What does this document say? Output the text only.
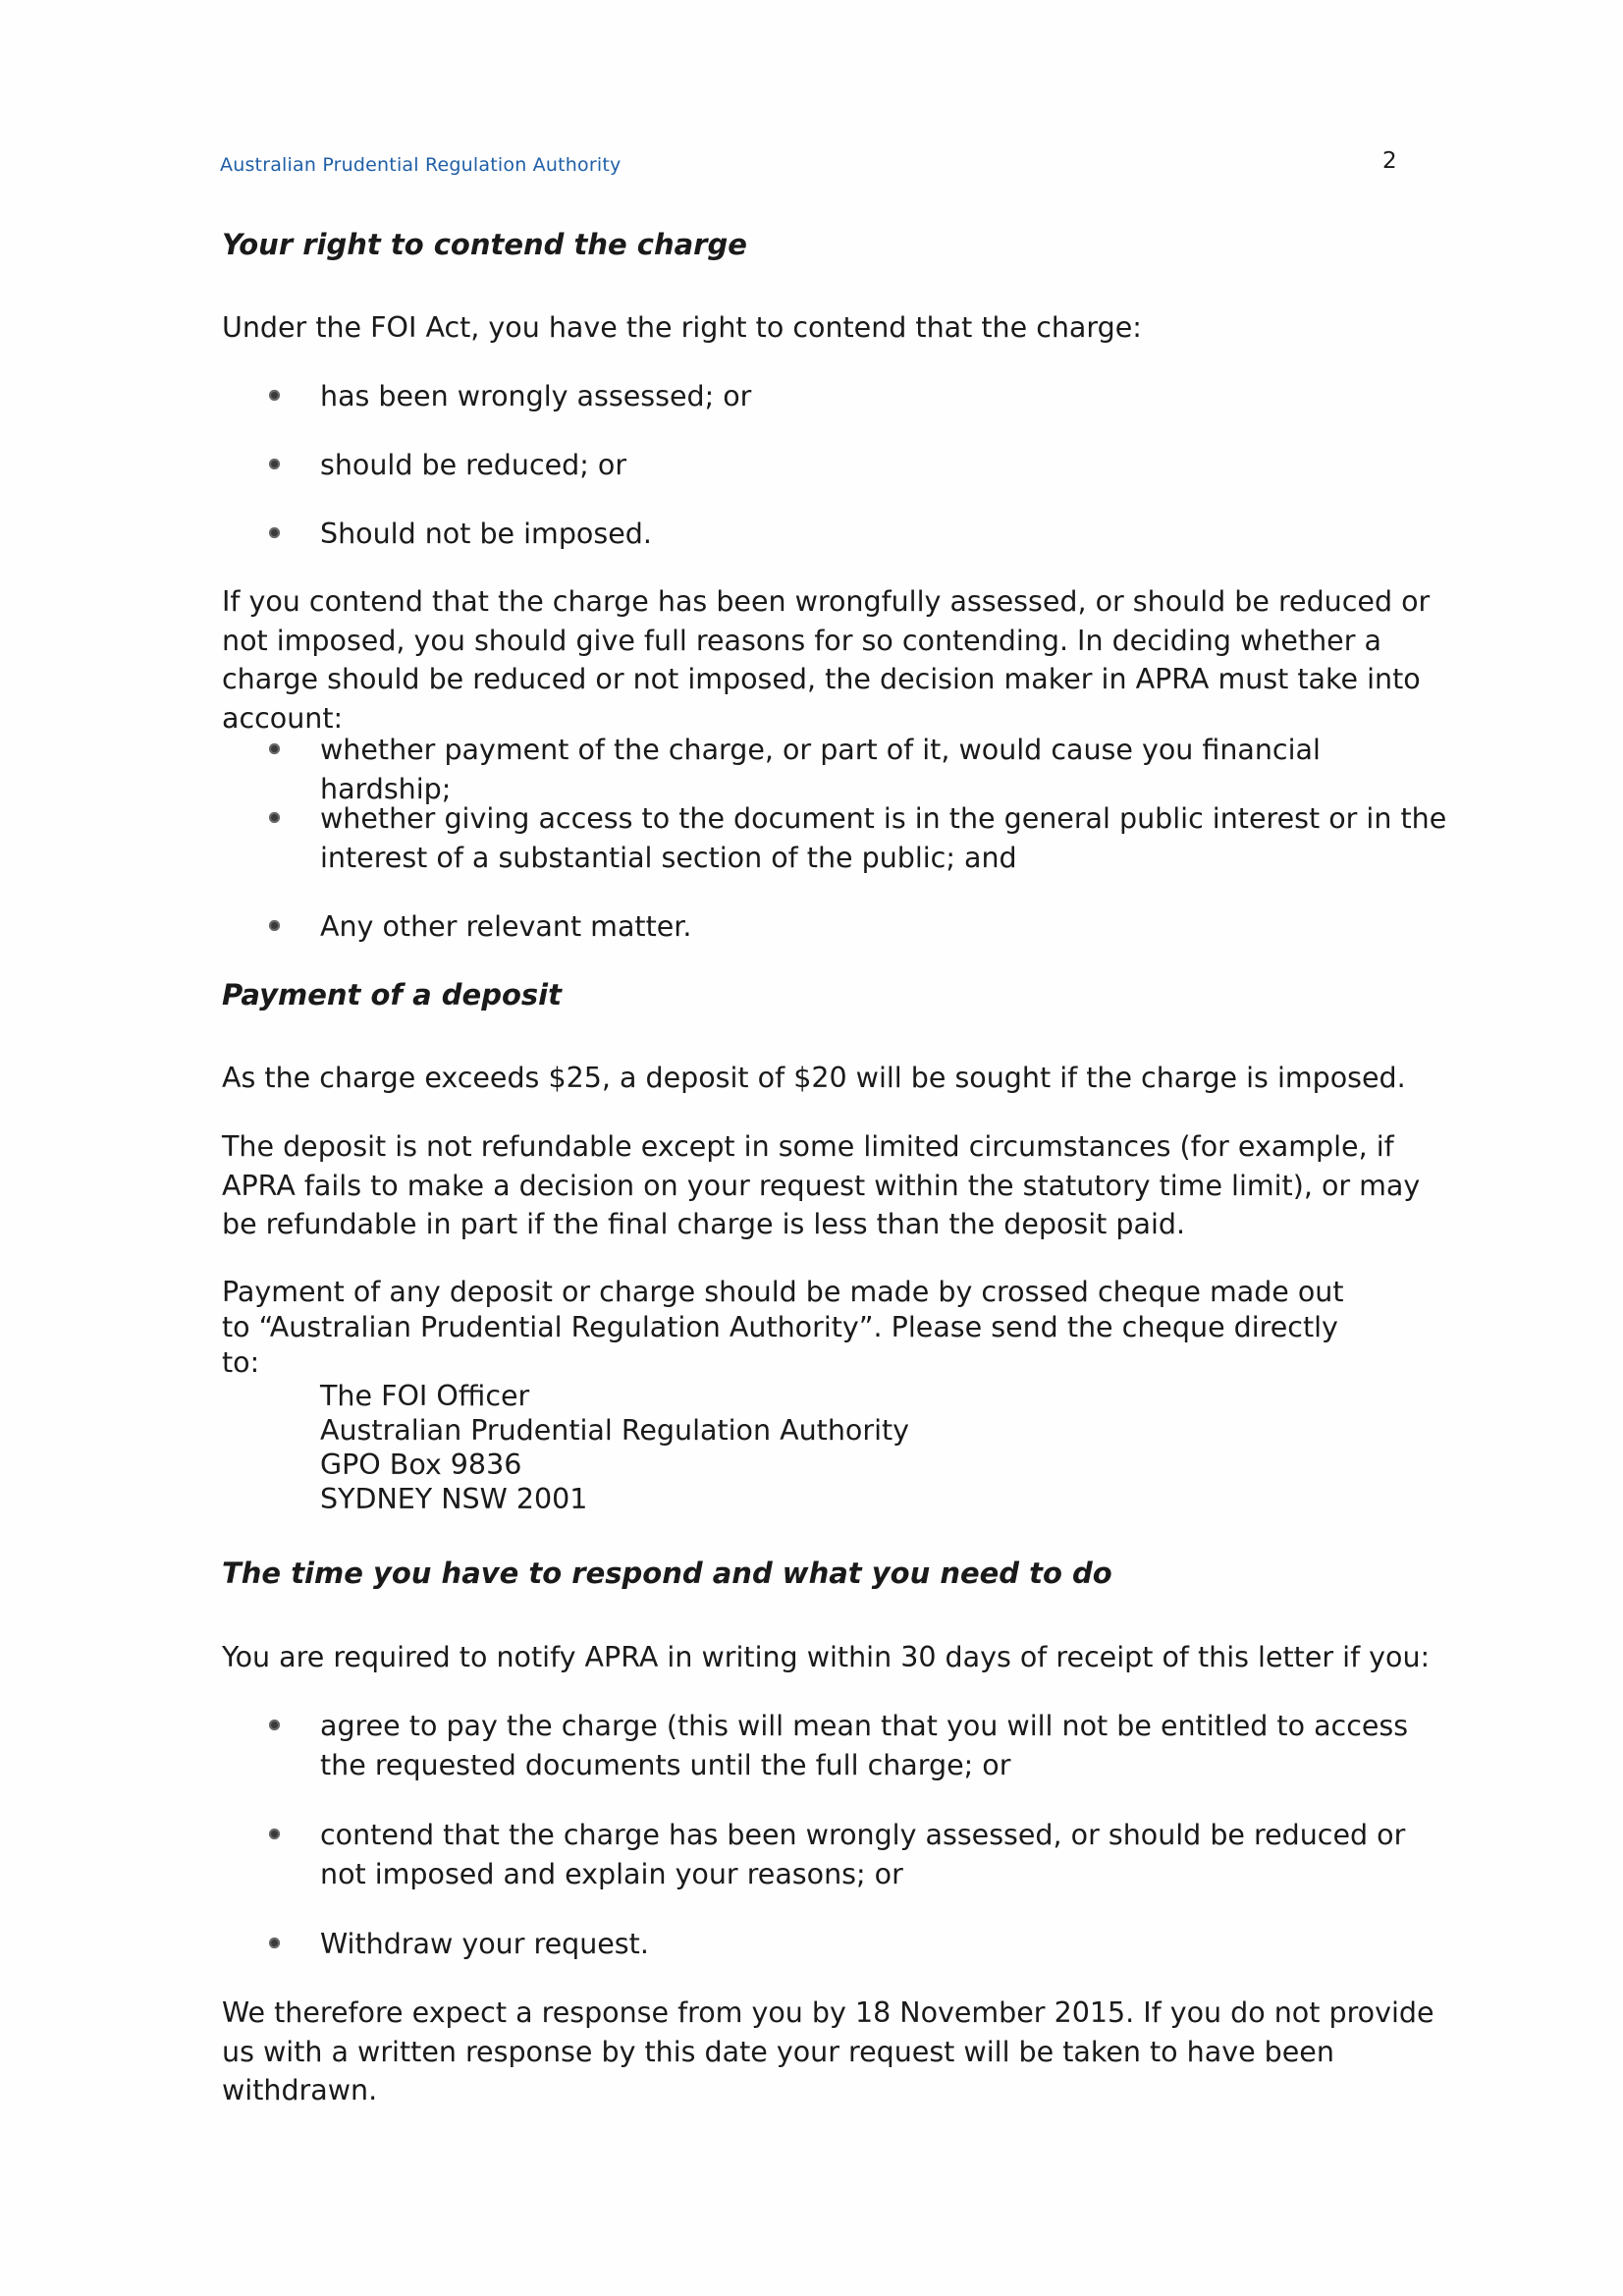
Australian Prudential Regulation Authority	2
Your right to contend the charge

Under the FOI Act, you have the right to contend that the charge:

has been wrongly assessed; or
should be reduced; or
Should not be imposed.

If you contend that the charge has been wrongfully assessed, or should be reduced or not imposed, you should give full reasons for so contending. In deciding whether a charge should be reduced or not imposed, the decision maker in APRA must take into account:

whether payment of the charge, or part of it, would cause you financial hardship;
whether giving access to the document is in the general public interest or in the interest of a substantial section of the public; and
Any other relevant matter.
Payment of a deposit

As the charge exceeds $25, a deposit of $20 will be sought if the charge is imposed.

The deposit is not refundable except in some limited circumstances (for example, if APRA fails to make a decision on your request within the statutory time limit), or may be refundable in part if the final charge is less than the deposit paid.

Payment of any deposit or charge should be made by crossed cheque made out to “Australian Prudential Regulation Authority”. Please send the cheque directly to:

The FOI Officer
Australian Prudential Regulation Authority
GPO Box 9836
SYDNEY NSW 2001
The time you have to respond and what you need to do

You are required to notify APRA in writing within 30 days of receipt of this letter if you:

agree to pay the charge (this will mean that you will not be entitled to access the requested documents until the full charge; or
contend that the charge has been wrongly assessed, or should be reduced or not imposed and explain your reasons; or
Withdraw your request.

We therefore expect a response from you by 18 November 2015. If you do not provide us with a written response by this date your request will be taken to have been withdrawn.
